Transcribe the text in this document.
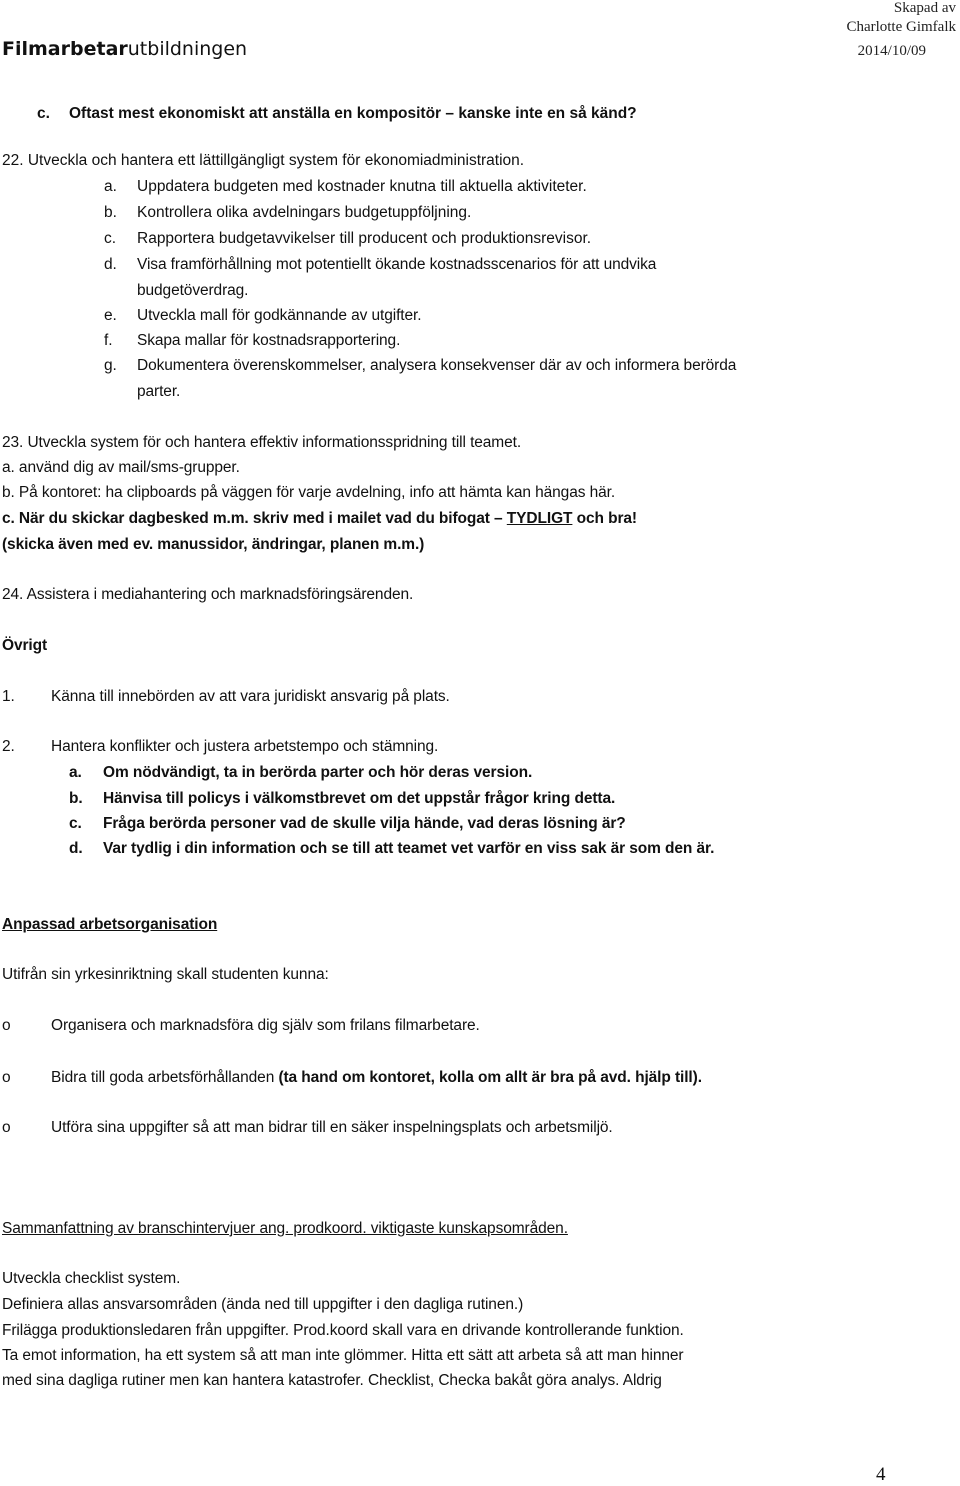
Filmarbetarutbildningen
Skapad av
Charlotte Gimfalk
2014/10/09
c. Oftast mest ekonomiskt att anställa en kompositör – kanske inte en så känd?
22. Utveckla och hantera ett lättillgängligt system för ekonomiadministration.
a. Uppdatera budgeten med kostnader knutna till aktuella aktiviteter.
b. Kontrollera olika avdelningars budgetuppföljning.
c. Rapportera budgetavvikelser till producent och produktionsrevisor.
d. Visa framförhållning mot potentiellt ökande kostnadsscenarios för att undvika
budgetöverdrag.
e. Utveckla mall för godkännande av utgifter.
f. Skapa mallar för kostnadsrapportering.
g. Dokumentera överenskommelser, analysera konsekvenser där av och informera berörda
parter.
23. Utveckla system för och hantera effektiv informationsspridning till teamet.
a. använd dig av mail/sms-grupper.
b. På kontoret: ha clipboards på väggen för varje avdelning, info att hämta kan hängas här.
c. När du skickar dagbesked m.m. skriv med i mailet vad du bifogat – TYDLIGT och bra!
(skicka även med ev. manussidor, ändringar, planen m.m.)
24. Assistera i mediahantering och marknadsföringsärenden.
Övrigt
1. Känna till innebörden av att vara juridiskt ansvarig på plats.
2. Hantera konflikter och justera arbetstempo och stämning.
a. Om nödvändigt, ta in berörda parter och hör deras version.
b. Hänvisa till policys i välkomstbrevet om det uppstår frågor kring detta.
c. Fråga berörda personer vad de skulle vilja hände, vad deras lösning är?
d. Var tydlig i din information och se till att teamet vet varför en viss sak är som den är.
Anpassad arbetsorganisation
Utifrån sin yrkesinriktning skall studenten kunna:
o	Organisera och marknadsföra dig själv som frilans filmarbetare.
o	Bidra till goda arbetsförhållanden (ta hand om kontoret, kolla om allt är bra på avd. hjälp till).
o	Utföra sina uppgifter så att man bidrar till en säker inspelningsplats och arbetsmiljö.
Sammanfattning av branschintervjuer ang. prodkoord. viktigaste kunskapsområden.
Utveckla checklist system.
Definiera allas ansvarsområden (ända ned till uppgifter i den dagliga rutinen.)
Frilägga produktionsledaren från uppgifter. Prod.koord skall vara en drivande kontrollerande funktion.
Ta emot information, ha ett system så att man inte glömmer. Hitta ett sätt att arbeta så att man hinner
med sina dagliga rutiner men kan hantera katastrofer. Checklist, Checka bakåt göra analys. Aldrig
4
